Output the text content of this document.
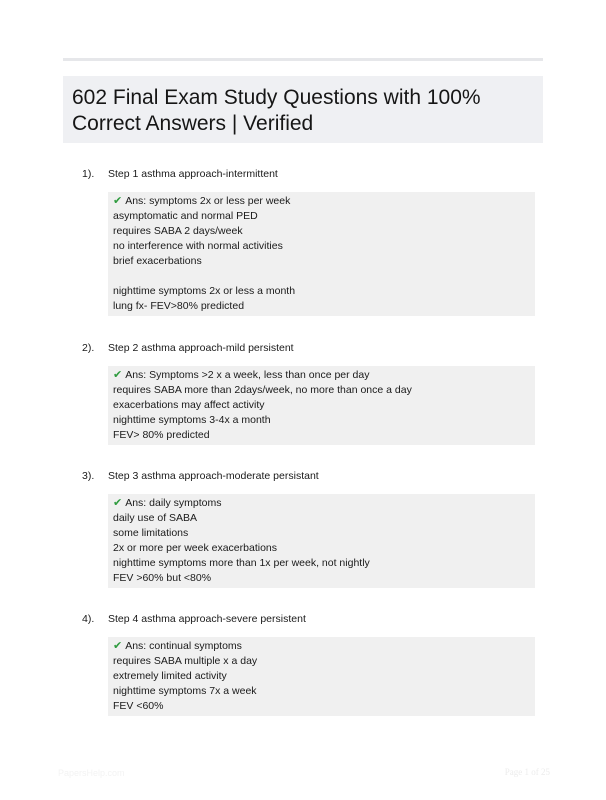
602 Final Exam Study Questions with 100%
Correct Answers | Verified
1). Step 1 asthma approach-intermittent
✔ Ans: symptoms 2x or less per week
asymptomatic and normal PED
requires SABA 2 days/week
no interference with normal activities
brief exacerbations
nighttime symptoms 2x or less a month
lung fx- FEV>80% predicted
2). Step 2 asthma approach-mild persistent
✔ Ans: Symptoms >2 x a week, less than once per day
requires SABA more than 2days/week, no more than once a day
exacerbations may affect activity
nighttime symptoms 3-4x a month
FEV> 80% predicted
3). Step 3 asthma approach-moderate persistant
✔ Ans: daily symptoms
daily use of SABA
some limitations
2x or more per week exacerbations
nighttime symptoms more than 1x per week, not nightly
FEV >60% but <80%
4). Step 4 asthma approach-severe persistent
✔ Ans: continual symptoms
requires SABA multiple x a day
extremely limited activity
nighttime symptoms 7x a week
FEV <60%
PapersHelp.com	Page 1 of 25
